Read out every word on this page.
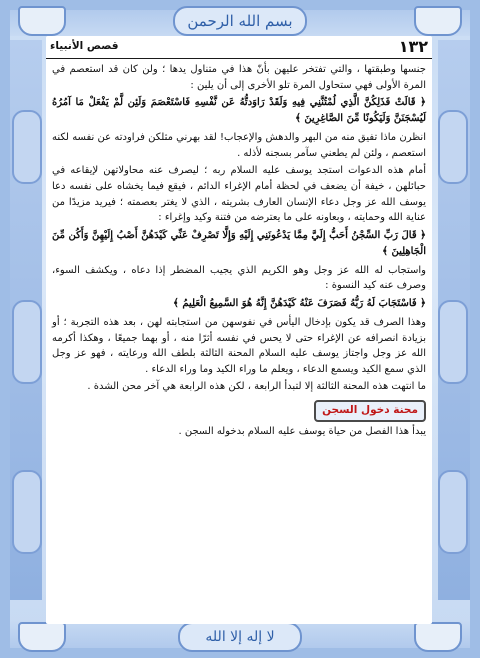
بسم الله الرحمن
لا إله إلا الله
١٣٢
قصص الأنبياء

جنسها وطبقتها ، والتي تفتخر عليهن بأنّ هذا في متناول يدها ؛ ولن كان قد استعصم في المرة الأولى فهي ستحاول المرة تلو الأخرى إلى أن يلين :

﴿ قَالَتْ فَذَلِكُنَّ الَّذِي لُمْتُنَّنِي فِيهِ وَلَقَدْ رَاوَدتُّهُ عَن نَّفْسِهِ فَاسْتَعْصَمَ وَلَئِن لَّمْ يَفْعَلْ مَا آمُرُهُ لَيُسْجَنَنَّ وَلَيَكُونًا مِّنَ الصَّاغِرِينَ ﴾

انظرن ماذا تفيق منه من البهر والدهش والإعجاب! لقد بهرني مثلكن فراودته عن نفسه لكنه استعصم ، ولئن لم يطعني سآمر بسجنه لأذله .

أمام هذه الدعوات استجد يوسف عليه السلام ربه ؛ ليصرف عنه محاولاتهن لإيقاعه في حبائلهن ، خيفة أن يضعف في لحظة أمام الإغراء الدائم ، فيقع فيما يخشاه على نفسه دعا يوسف الله عز وجل دعاء الإنسان العارف بشريته ، الذي لا يغتر بعصمته ؛ فيريد مزيدًا من عناية الله وحمايته ، وبعاونه على ما يعترضه من فتنة وكيد وإغراء :

﴿ قَالَ رَبِّ السِّجْنُ أَحَبُّ إِلَيَّ مِمَّا يَدْعُونَنِي إِلَيْهِ وَإِلَّا تَصْرِفْ عَنِّي كَيْدَهُنَّ أَصْبُ إِلَيْهِنَّ وَأَكُن مِّنَ الْجَاهِلِينَ ﴾

واستجاب له الله عز وجل وهو الكريم الذي يجيب المضطر إذا دعاه ، ويكشف السوء، وصرف عنه كيد النسوة :

﴿ فَاسْتَجَابَ لَهُ رَبُّهُ فَصَرَفَ عَنْهُ كَيْدَهُنَّ إِنَّهُ هُوَ السَّمِيعُ الْعَلِيمُ ﴾

وهذا الصرف قد يكون بإدخال اليأس في نفوسهن من استجابته لهن ، بعد هذه التجربة ؛ أو بزيادة انصرافه عن الإغراء حتى لا يحس في نفسه أثرًا منه ، أو بهما جميعًا ، وهكذا أكرمه الله عز وجل واجتاز يوسف عليه السلام المحنة الثالثة بلطف الله ورعايته ، فهو عز وجل الذي سمع الكيد ويسمع الدعاء ، ويعلم ما وراء الكيد وما وراء الدعاء .

ما انتهت هذه المحنة الثالثة إلا لتبدأ الرابعة ، لكن هذه الرابعة هي آخر محن الشدة .

محنة دخول السجن

يبدأ هذا الفصل من حياة يوسف عليه السلام بدخوله السجن .
